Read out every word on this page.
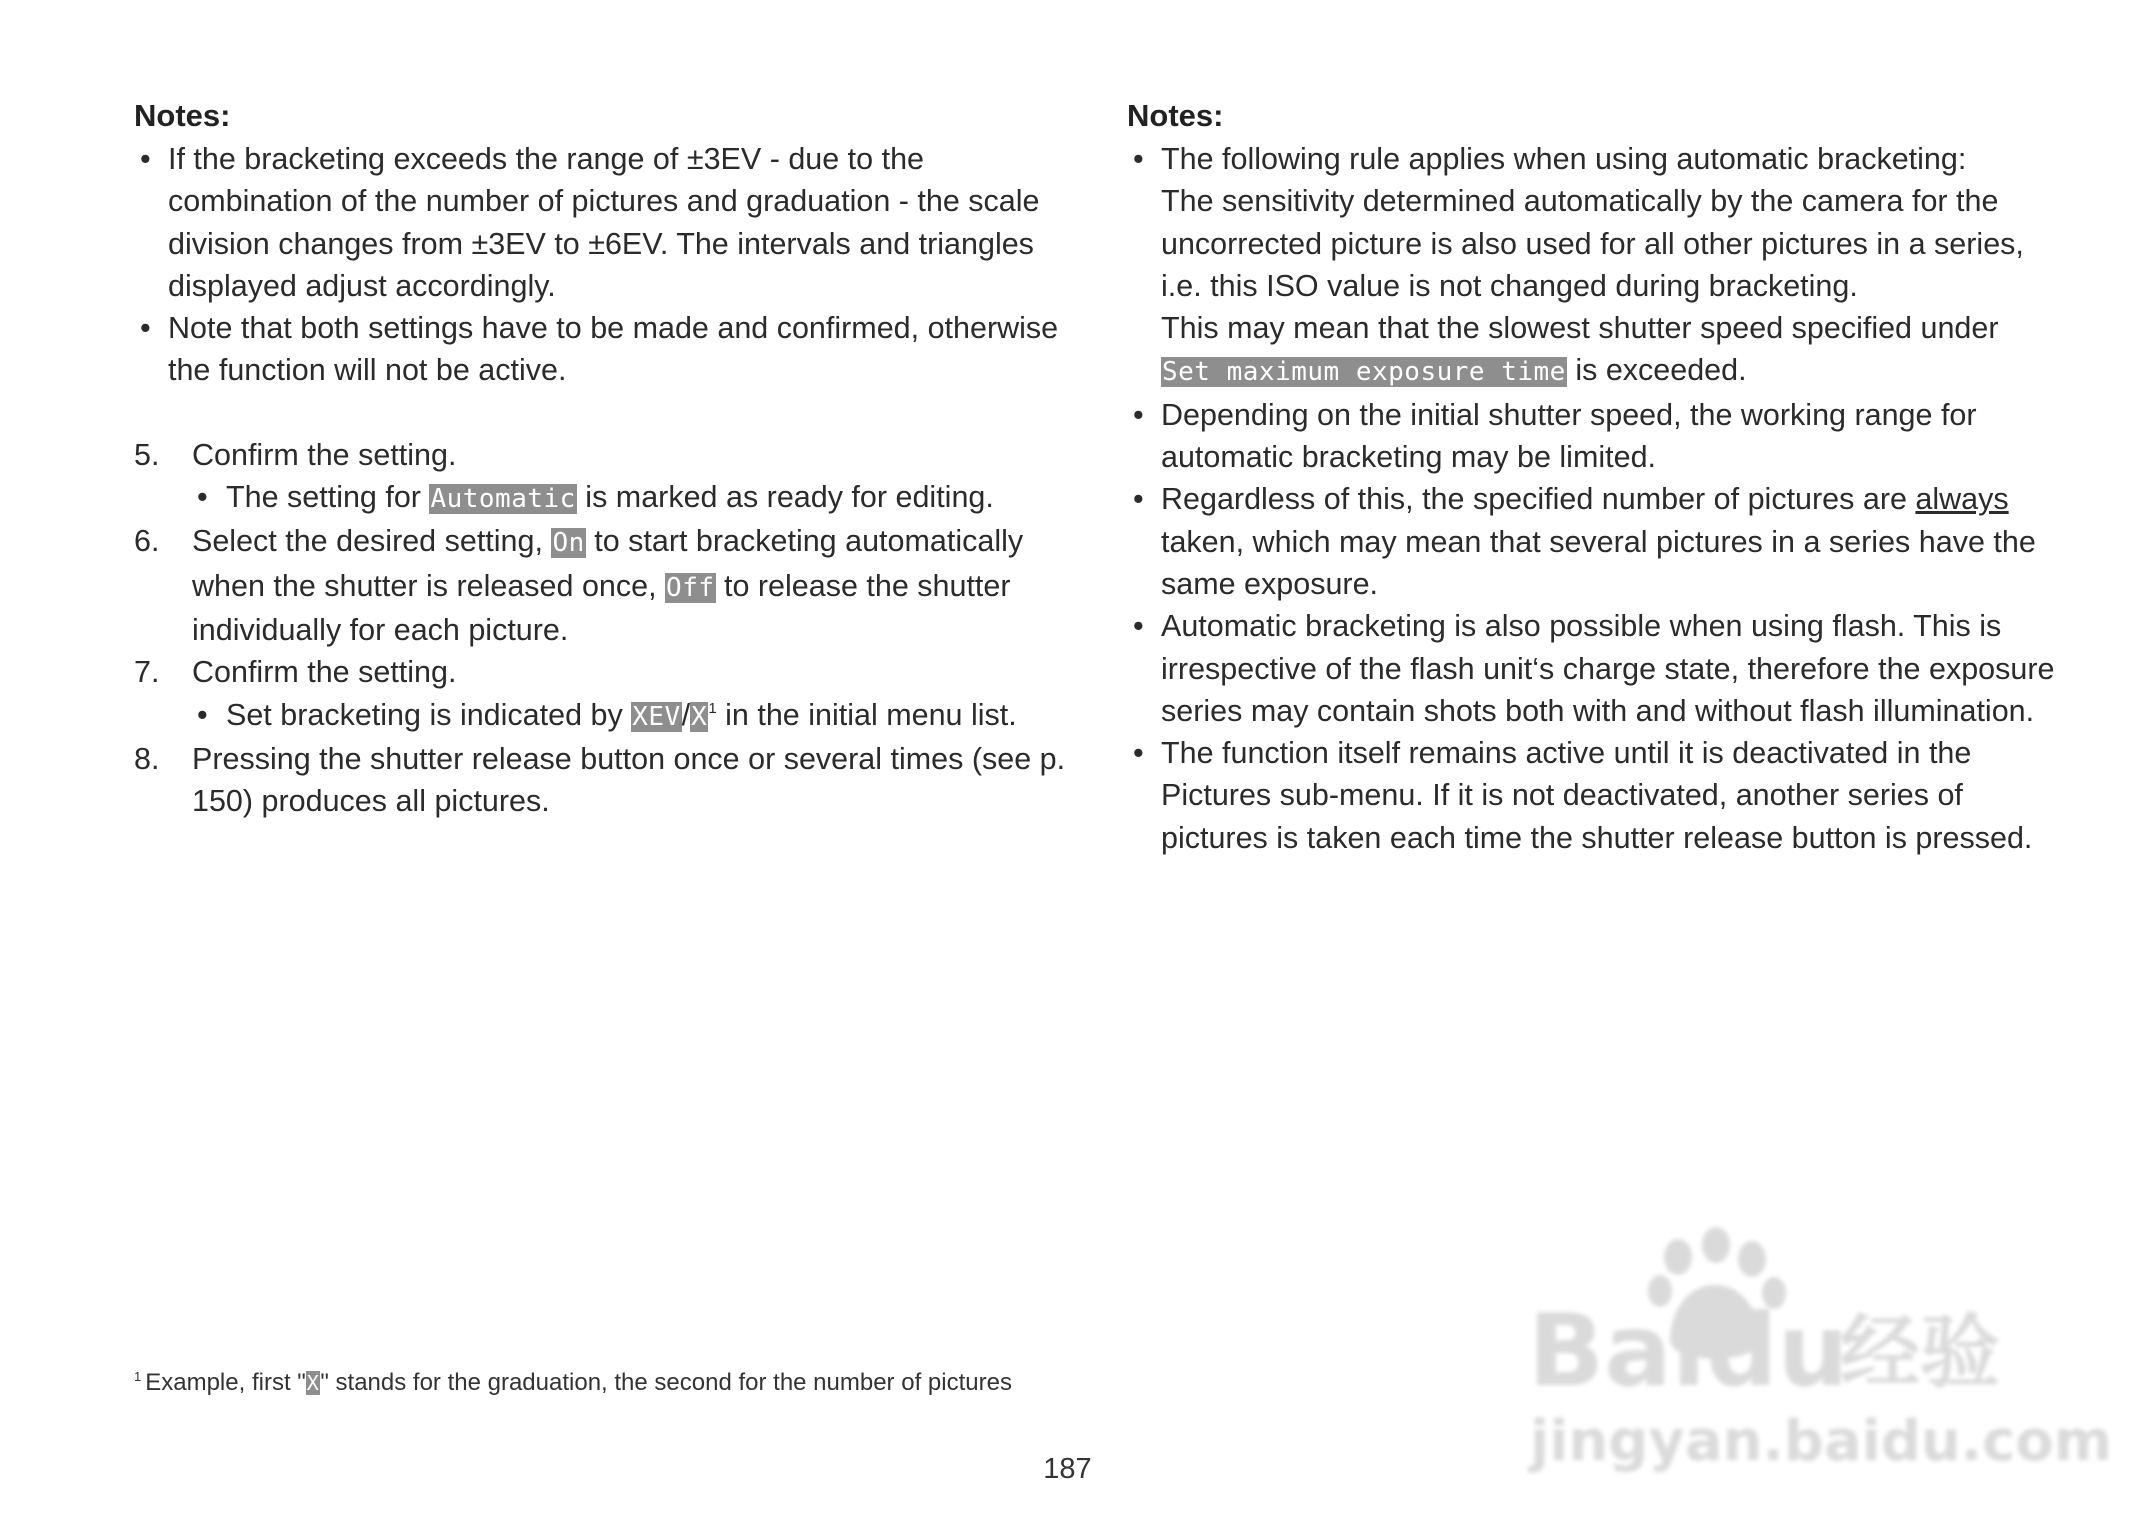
Notes:
• If the bracketing exceeds the range of ±3EV - due to the combination of the number of pictures and graduation - the scale division changes from ±3EV to ±6EV. The intervals and triangles displayed adjust accordingly.
• Note that both settings have to be made and confirmed, otherwise the function will not be active.
5. Confirm the setting.
• The setting for Automatic is marked as ready for editing.
6. Select the desired setting, On to start bracketing automatically when the shutter is released once, Off to release the shutter individually for each picture.
7. Confirm the setting.
• Set bracketing is indicated by XEV/$X^1$ in the initial menu list.
8. Pressing the shutter release button once or several times (see p. 150) produces all pictures.
Notes:
• The following rule applies when using automatic bracketing:
The sensitivity determined automatically by the camera for the uncorrected picture is also used for all other pictures in a series, i.e. this ISO value is not changed during bracketing.
This may mean that the slowest shutter speed specified under
Set maximum exposure time is exceeded.
• Depending on the initial shutter speed, the working range for automatic bracketing may be limited.
• Regardless of this, the specified number of pictures are always taken, which may mean that several pictures in a series have the same exposure.
• Automatic bracketing is also possible when using flash. This is irrespective of the flash unit‘s charge state, therefore the exposure series may contain shots both with and without flash illumination.
• The function itself remains active until it is deactivated in the Pictures sub-menu. If it is not deactivated, another series of pictures is taken each time the shutter release button is pressed.
$^1$ Example, first "X" stands for the graduation, the second for the number of pictures
187
Baidu
经验
jingyan.baidu.com
